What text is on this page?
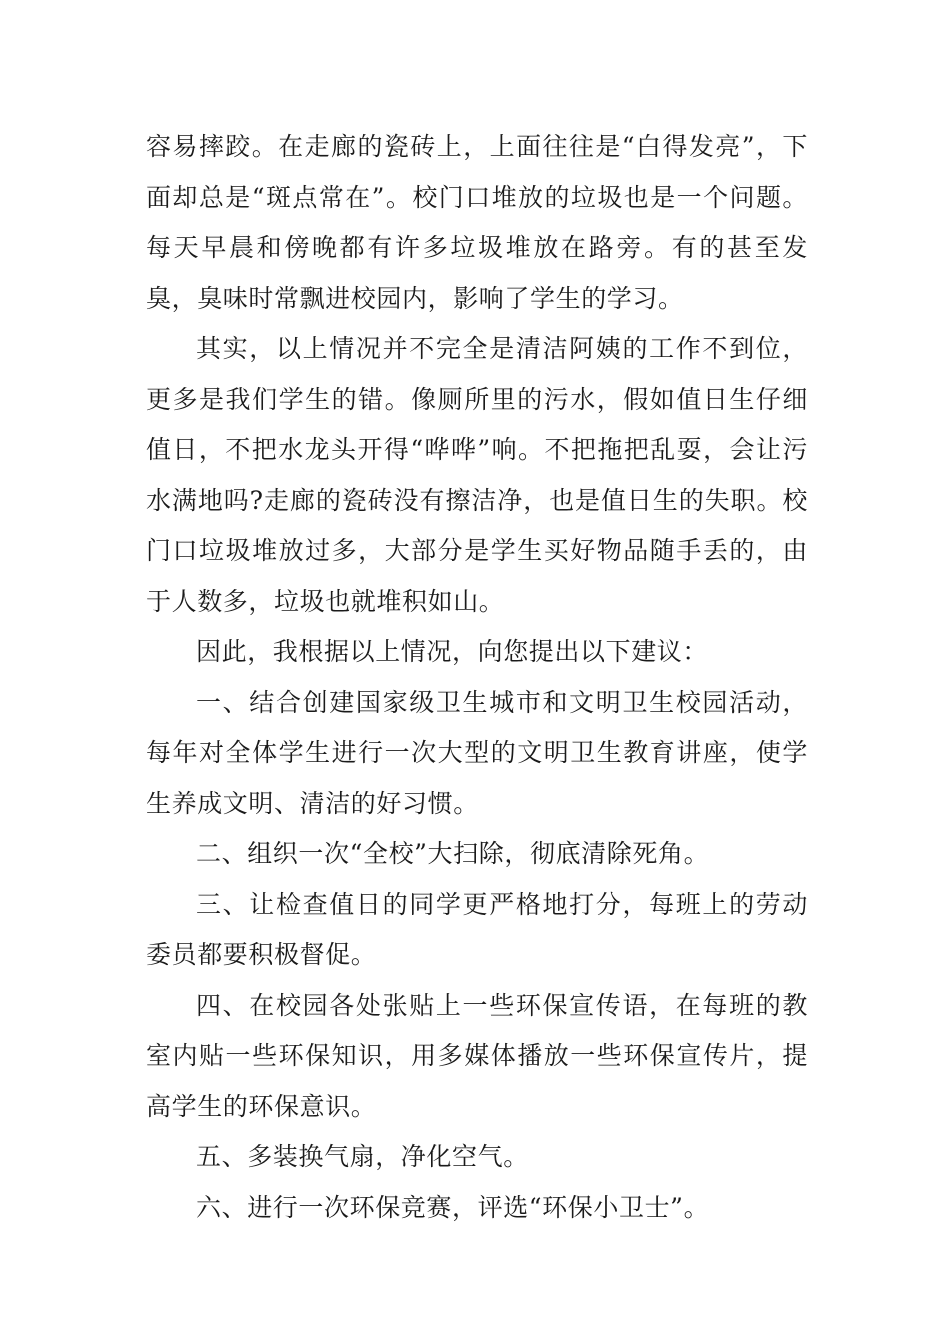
容易摔跤。在走廊的瓷砖上，上面往往是“白得发亮”，下面却总是“斑点常在”。校门口堆放的垃圾也是一个问题。每天早晨和傍晚都有许多垃圾堆放在路旁。有的甚至发臭，臭味时常飘进校园内，影响了学生的学习。

其实，以上情况并不完全是清洁阿姨的工作不到位，更多是我们学生的错。像厕所里的污水，假如值日生仔细值日，不把水龙头开得“哗哗”响。不把拖把乱耍，会让污水满地吗?走廊的瓷砖没有擦洁净，也是值日生的失职。校门口垃圾堆放过多，大部分是学生买好物品随手丢的，由于人数多，垃圾也就堆积如山。

因此，我根据以上情况，向您提出以下建议：

一、结合创建国家级卫生城市和文明卫生校园活动，每年对全体学生进行一次大型的文明卫生教育讲座，使学生养成文明、清洁的好习惯。

二、组织一次“全校”大扫除，彻底清除死角。

三、让检查值日的同学更严格地打分，每班上的劳动委员都要积极督促。

四、在校园各处张贴上一些环保宣传语，在每班的教室内贴一些环保知识，用多媒体播放一些环保宣传片，提高学生的环保意识。

五、多装换气扇，净化空气。

六、进行一次环保竞赛，评选“环保小卫士”。
